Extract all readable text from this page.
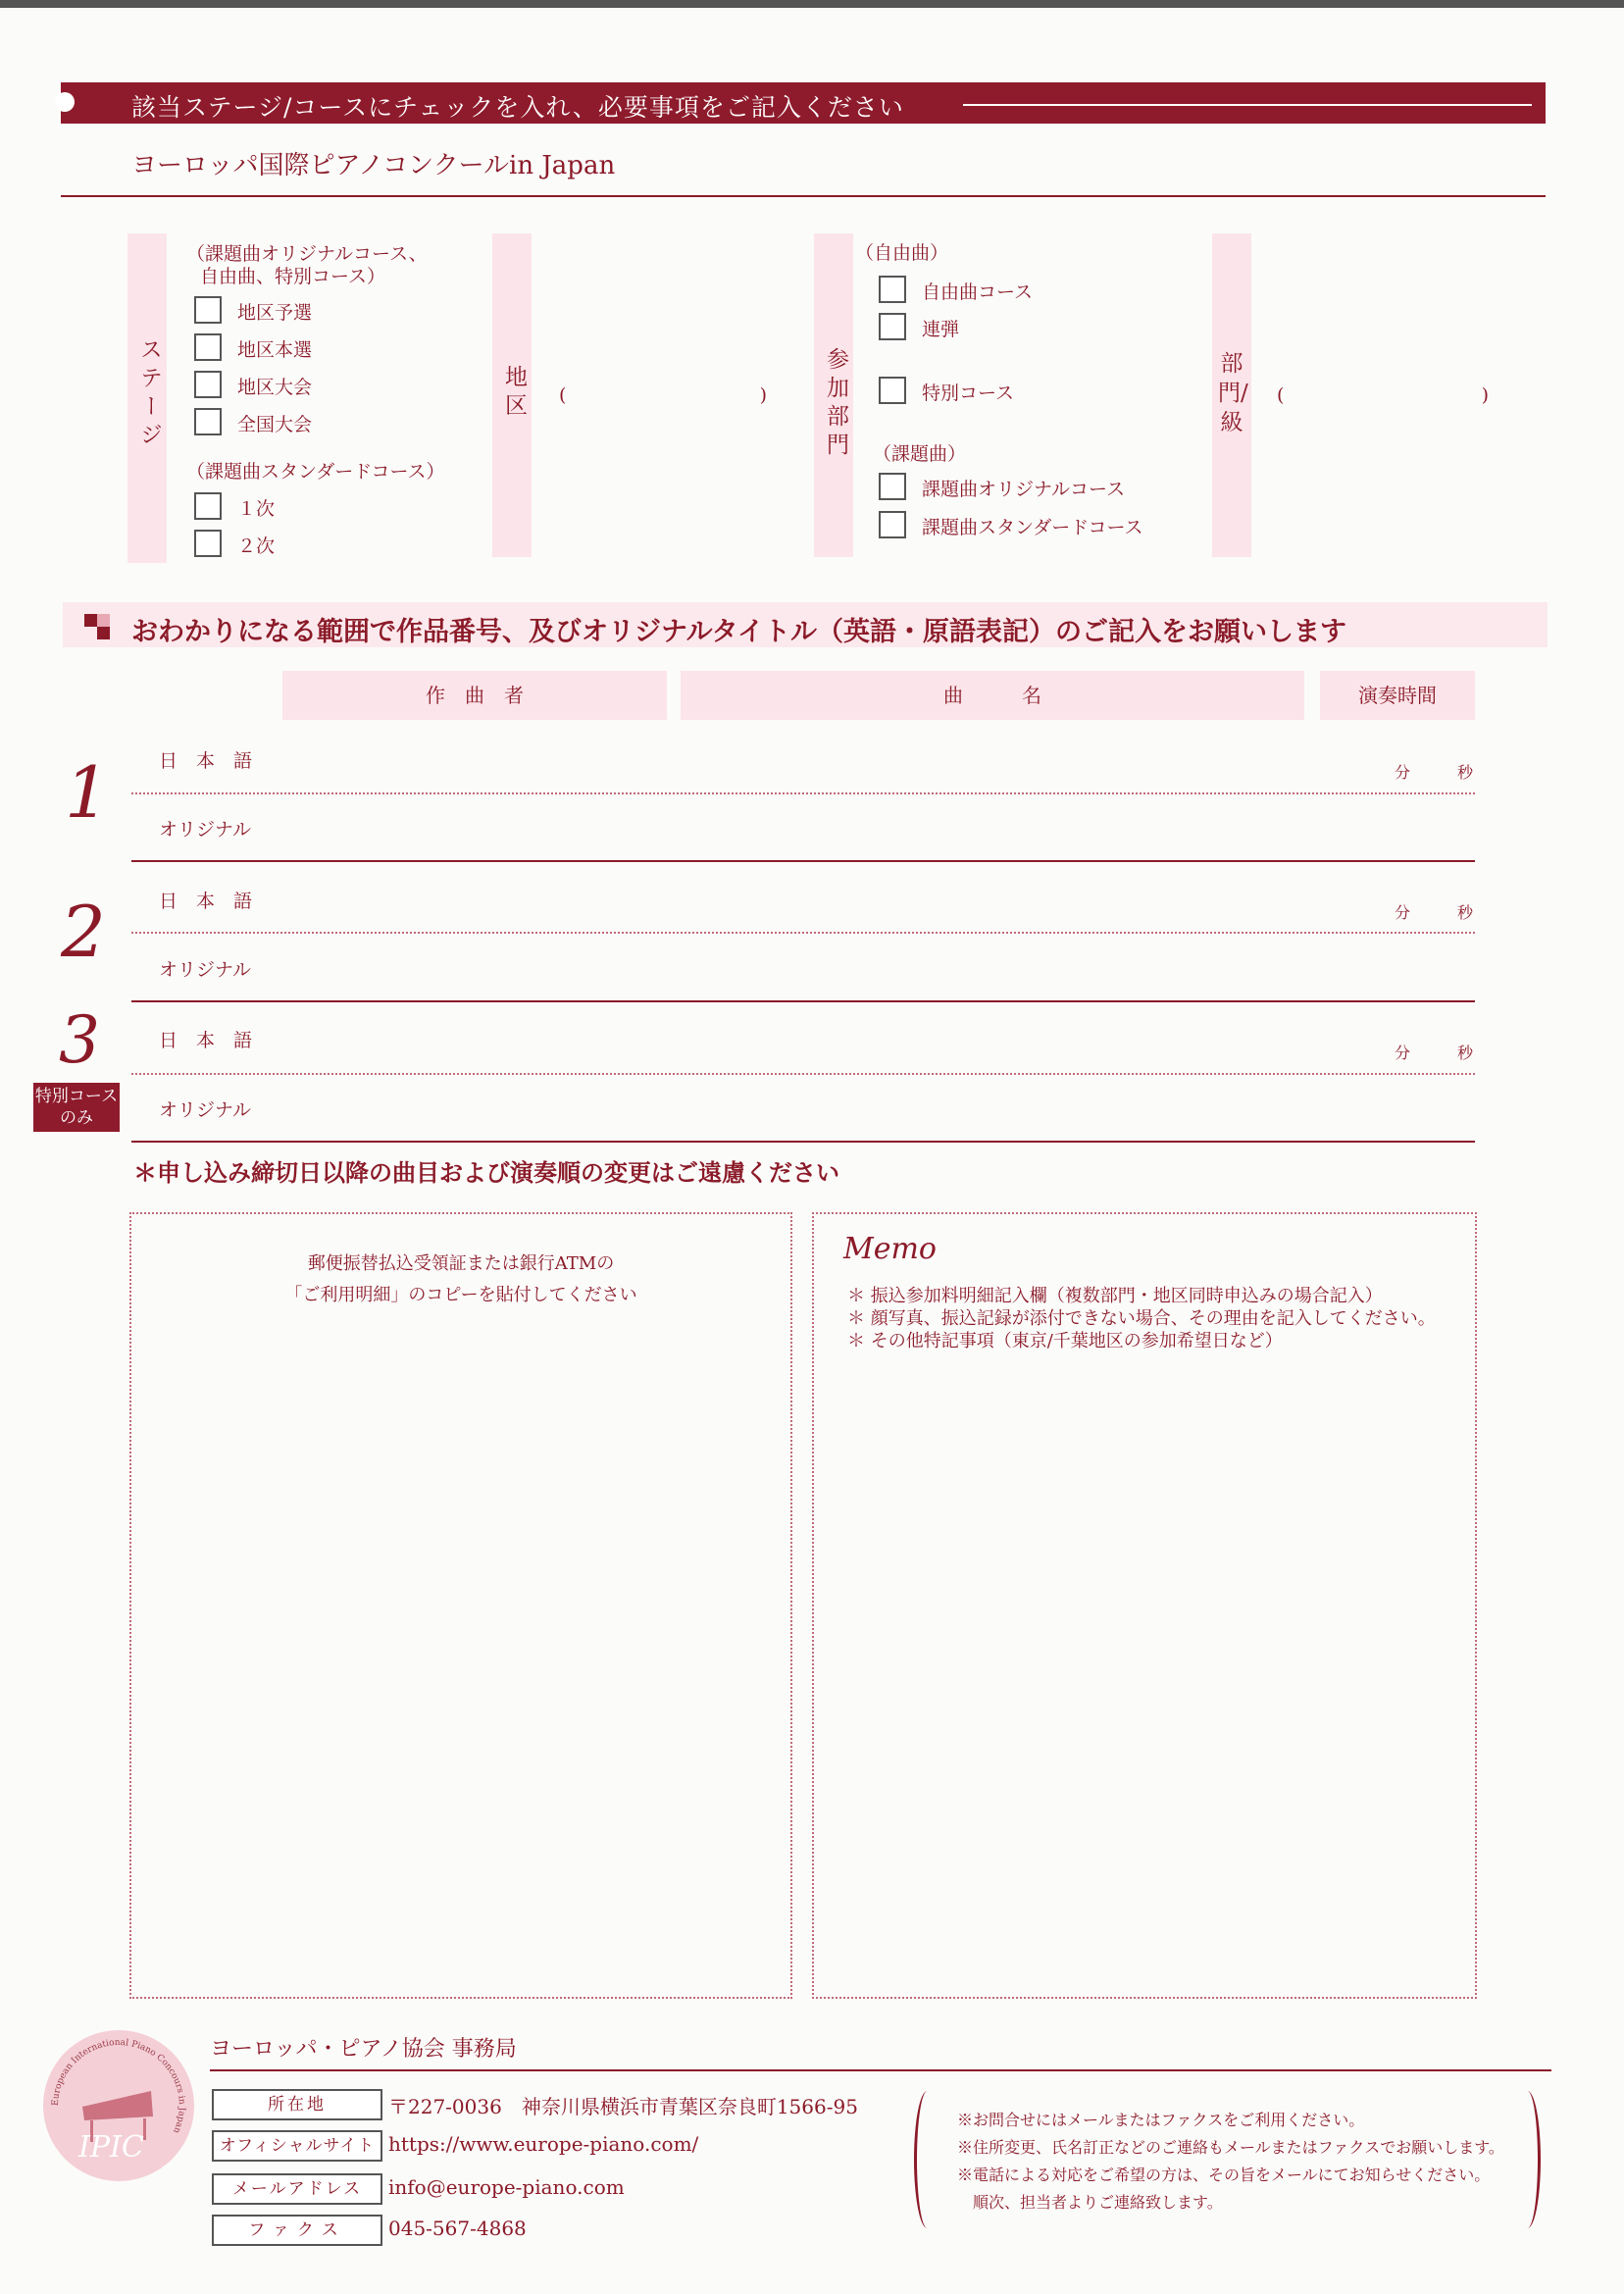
該当ステージ/コースにチェックを入れ、必要事項をご記入ください
ヨーロッパ国際ピアノコンクールin Japan
ステージ
（課題曲オリジナルコース、
自由曲、特別コース）
地区予選
地区本選
地区大会
全国大会
（課題曲スタンダードコース）
１次
２次
地区 (	) 参加部門
（自由曲）
自由曲コース
連弾
特別コース
（課題曲）
課題曲オリジナルコース
課題曲スタンダードコース
部門/級
(	)
おわかりになる範囲で作品番号、及びオリジナルタイトル（英語・原語表記）のご記入をお願いします
作　曲　者	曲　　　名	演奏時間
1	日　本　語
分	秒
オリジナル
2	日　本　語
分	秒
オリジナル
3
特別コース
のみ
日　本　語
分	秒
オリジナル
＊申し込み締切日以降の曲目および演奏順の変更はご遠慮ください
郵便振替払込受領証または銀行ATMの
「ご利用明細」のコピーを貼付してください
Memo
＊ 振込参加料明細記入欄（複数部門・地区同時申込みの場合記入）
＊ 顔写真、振込記録が添付できない場合、その理由を記入してください。
＊ その他特記事項（東京/千葉地区の参加希望日など）
European International Piano Concours in Japan
IPIC
ヨーロッパ・ピアノ協会 事務局
所在地	〒227-0036　神奈川県横浜市青葉区奈良町1566-95
オフィシャルサイト https://www.europe-piano.com/
メールアドレス	info@europe-piano.com
ファクス	045-567-4868
※お問合せにはメールまたはファクスをご利用ください。
※住所変更、氏名訂正などのご連絡もメールまたはファクスでお願いします。
※電話による対応をご希望の方は、その旨をメールにてお知らせください。
　順次、担当者よりご連絡致します。
